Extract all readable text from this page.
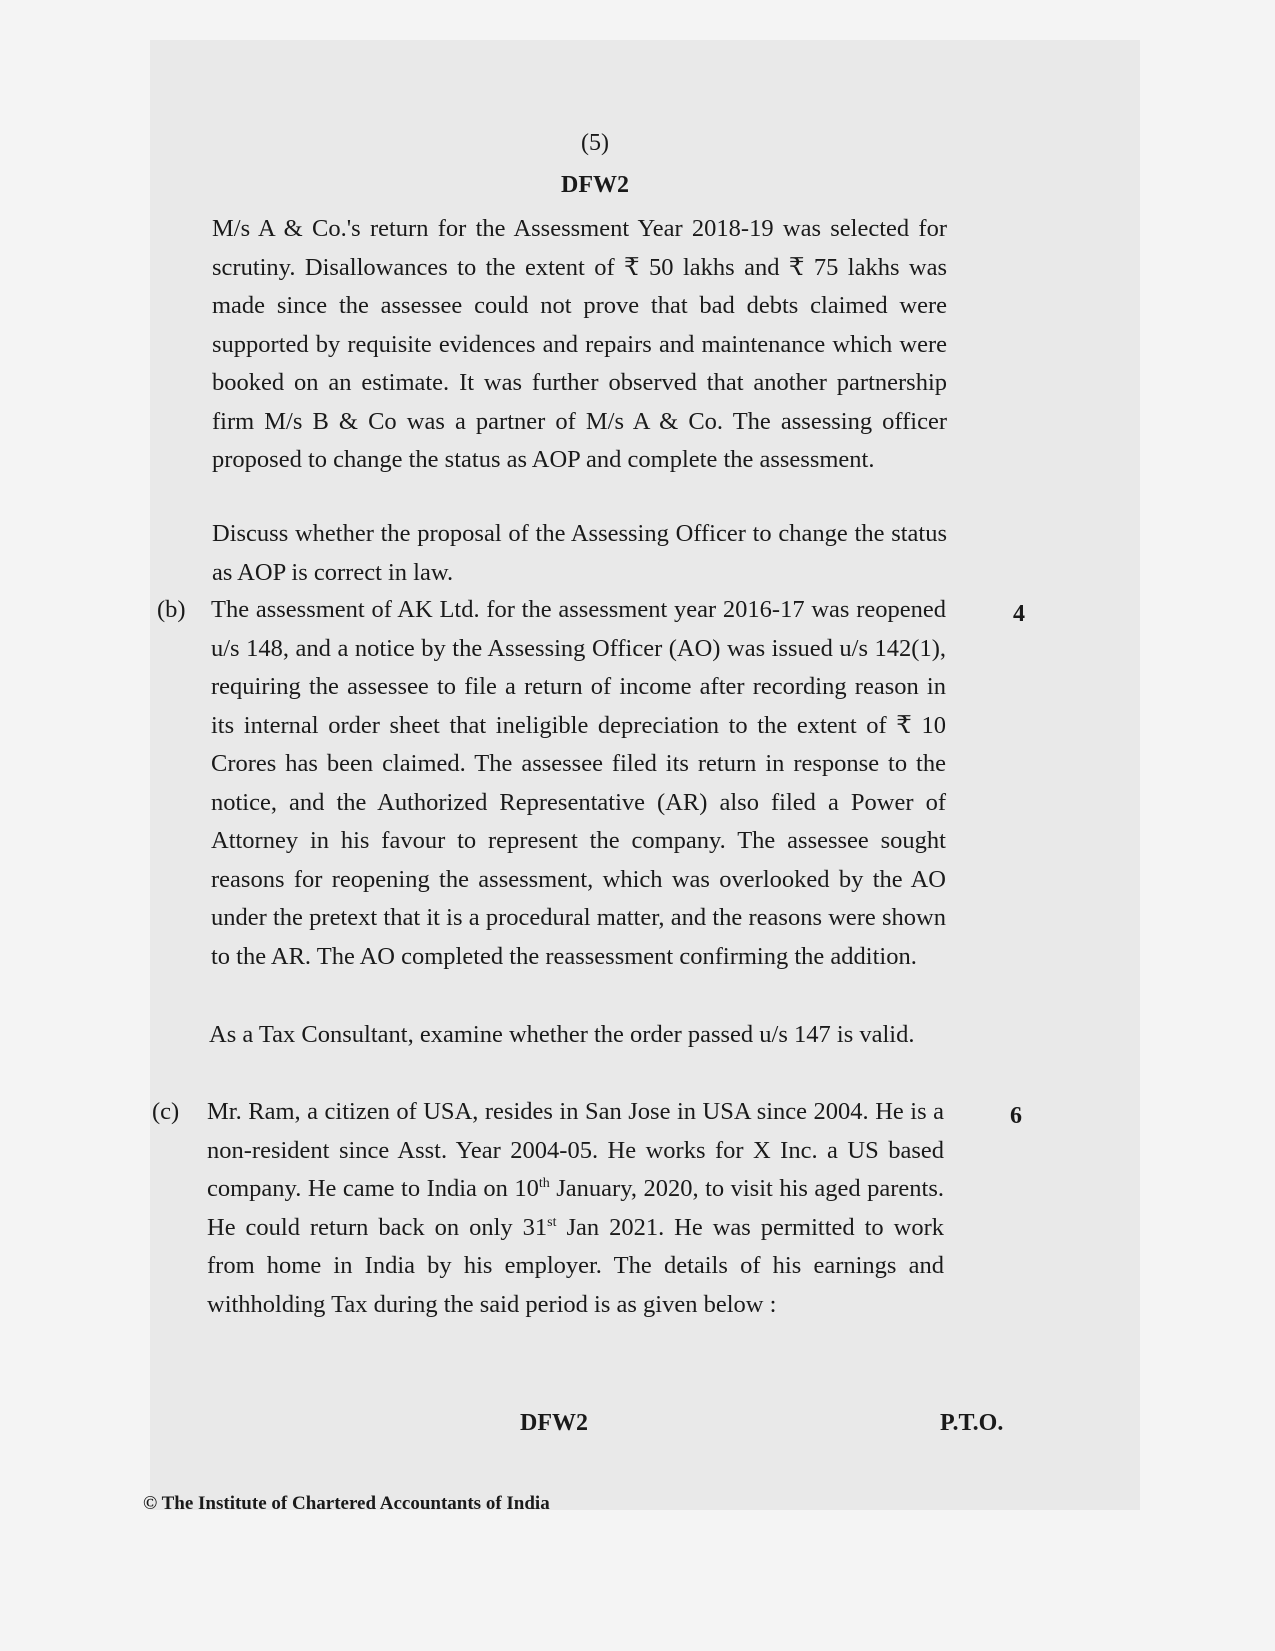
(5)
DFW2
M/s A & Co.'s return for the Assessment Year 2018-19 was selected for scrutiny. Disallowances to the extent of ₹ 50 lakhs and ₹ 75 lakhs was made since the assessee could not prove that bad debts claimed were supported by requisite evidences and repairs and maintenance which were booked on an estimate. It was further observed that another partnership firm M/s B & Co was a partner of M/s A & Co. The assessing officer proposed to change the status as AOP and complete the assessment.
Discuss whether the proposal of the Assessing Officer to change the status as AOP is correct in law.
(b)	4
The assessment of AK Ltd. for the assessment year 2016-17 was reopened u/s 148, and a notice by the Assessing Officer (AO) was issued u/s 142(1), requiring the assessee to file a return of income after recording reason in its internal order sheet that ineligible depreciation to the extent of ₹ 10 Crores has been claimed. The assessee filed its return in response to the notice, and the Authorized Representative (AR) also filed a Power of Attorney in his favour to represent the company. The assessee sought reasons for reopening the assessment, which was overlooked by the AO under the pretext that it is a procedural matter, and the reasons were shown to the AR. The AO completed the reassessment confirming the addition.
As a Tax Consultant, examine whether the order passed u/s 147 is valid.
(c)	6
Mr. Ram, a citizen of USA, resides in San Jose in USA since 2004. He is a non-resident since Asst. Year 2004-05. He works for X Inc. a US based company. He came to India on 10th January, 2020, to visit his aged parents. He could return back on only 31st Jan 2021. He was permitted to work from home in India by his employer. The details of his earnings and withholding Tax during the said period is as given below :
DFW2	P.T.O.
© The Institute of Chartered Accountants of India
